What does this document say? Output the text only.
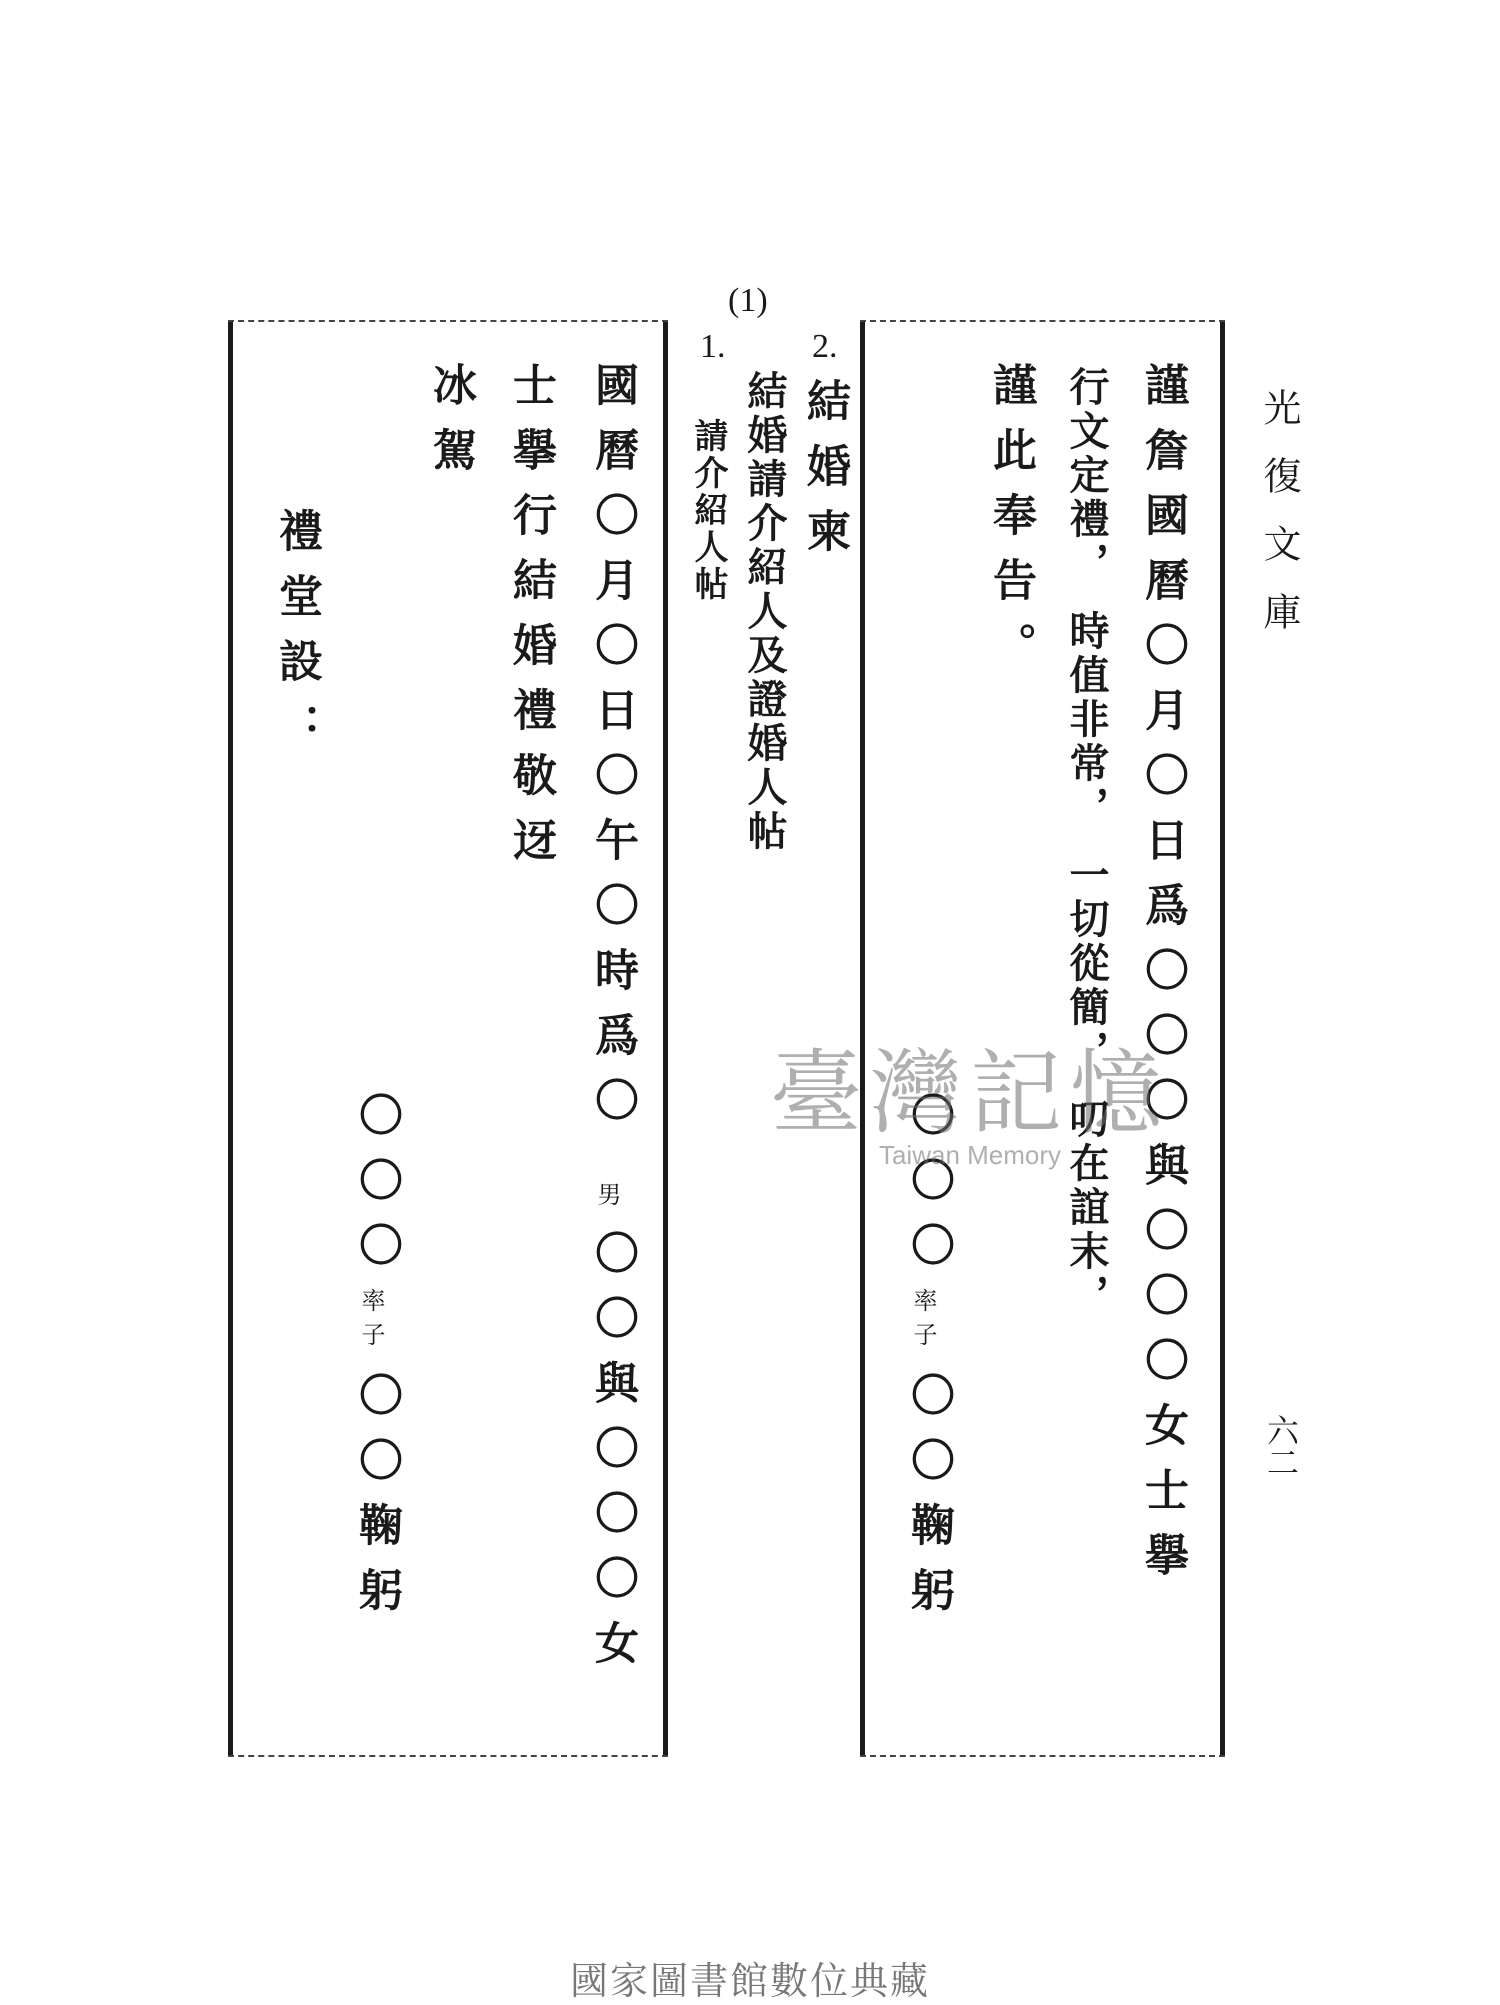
光復文庫
六二
謹詹國曆〇月〇日爲〇〇〇與〇〇〇女士擧
行文定禮，　時值非常，　一切從簡，　叨在誼末，
謹此奉告。
〇〇〇
率子
〇〇鞠躬
(1)
2.
1.
結婚柬
結婚請介紹人及證婚人帖
請介紹人帖
國曆〇月〇日〇午〇時爲〇
男
〇〇與〇〇〇女
士擧行結婚禮敬迓
冰駕
禮堂設：
〇〇〇
率子
〇〇鞠躬
臺灣記憶
Taiwan Memory
國家圖書館數位典藏
